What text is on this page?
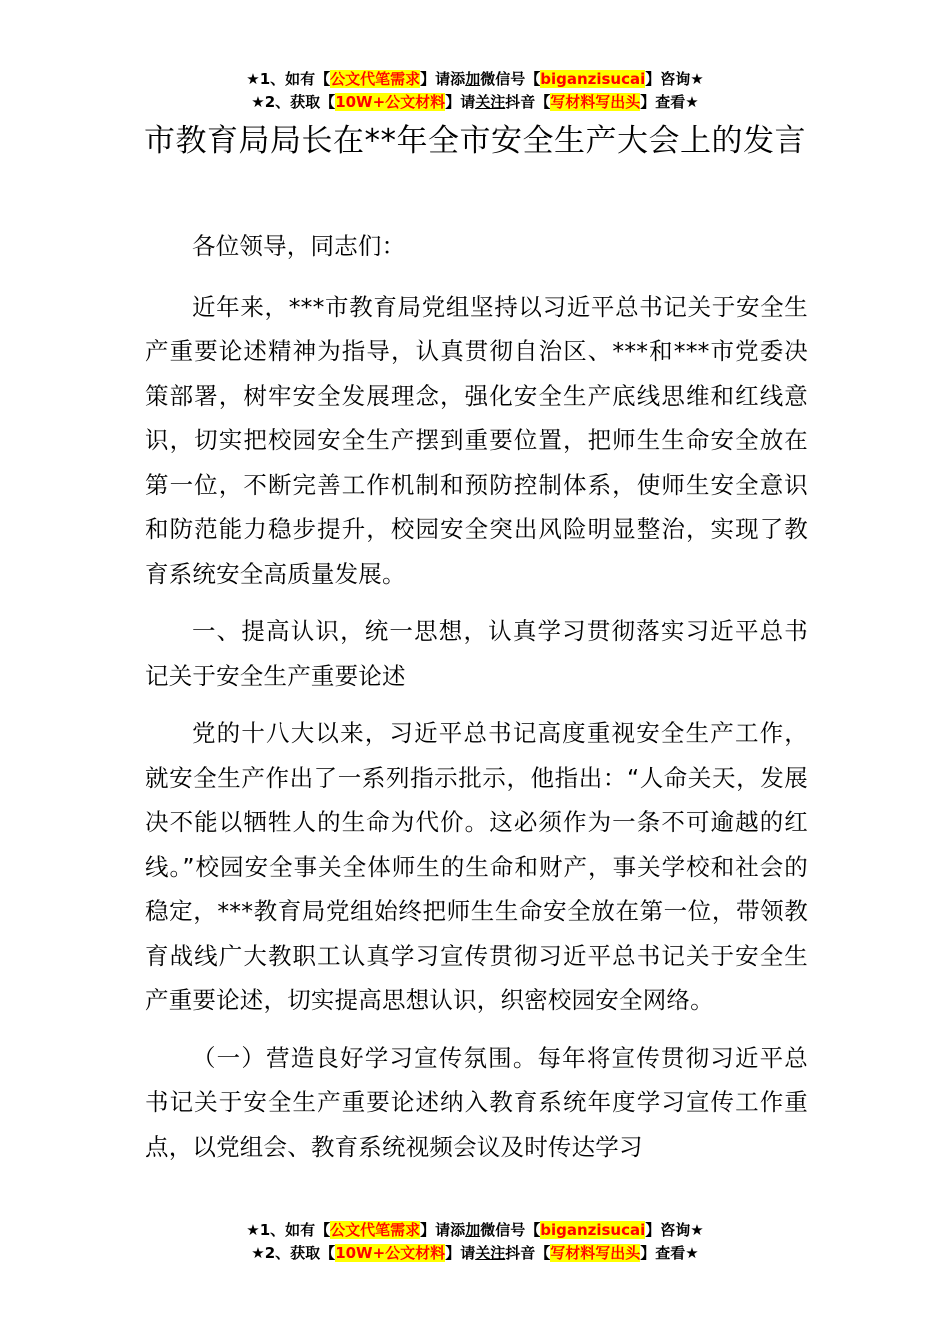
★1、如有【公文代笔需求】请添加微信号【biganzisucai】咨询★
★2、获取【10W+公文材料】请关注抖音【写材料写出头】查看★
市教育局局长在**年全市安全生产大会上的发言

各位领导，同志们：

近年来，***市教育局党组坚持以习近平总书记关于安全生产重要论述精神为指导，认真贯彻自治区、***和***市党委决策部署，树牢安全发展理念，强化安全生产底线思维和红线意识，切实把校园安全生产摆到重要位置，把师生生命安全放在第一位，不断完善工作机制和预防控制体系，使师生安全意识和防范能力稳步提升，校园安全突出风险明显整治，实现了教育系统安全高质量发展。

一、提高认识，统一思想，认真学习贯彻落实习近平总书记关于安全生产重要论述

党的十八大以来，习近平总书记高度重视安全生产工作，就安全生产作出了一系列指示批示，他指出：“人命关天，发展决不能以牺牲人的生命为代价。这必须作为一条不可逾越的红线。”校园安全事关全体师生的生命和财产，事关学校和社会的稳定，***教育局党组始终把师生生命安全放在第一位，带领教育战线广大教职工认真学习宣传贯彻习近平总书记关于安全生产重要论述，切实提高思想认识，织密校园安全网络。

（一）营造良好学习宣传氛围。每年将宣传贯彻习近平总书记关于安全生产重要论述纳入教育系统年度学习宣传工作重点，以党组会、教育系统视频会议及时传达学习

★1、如有【公文代笔需求】请添加微信号【biganzisucai】咨询★
★2、获取【10W+公文材料】请关注抖音【写材料写出头】查看★
